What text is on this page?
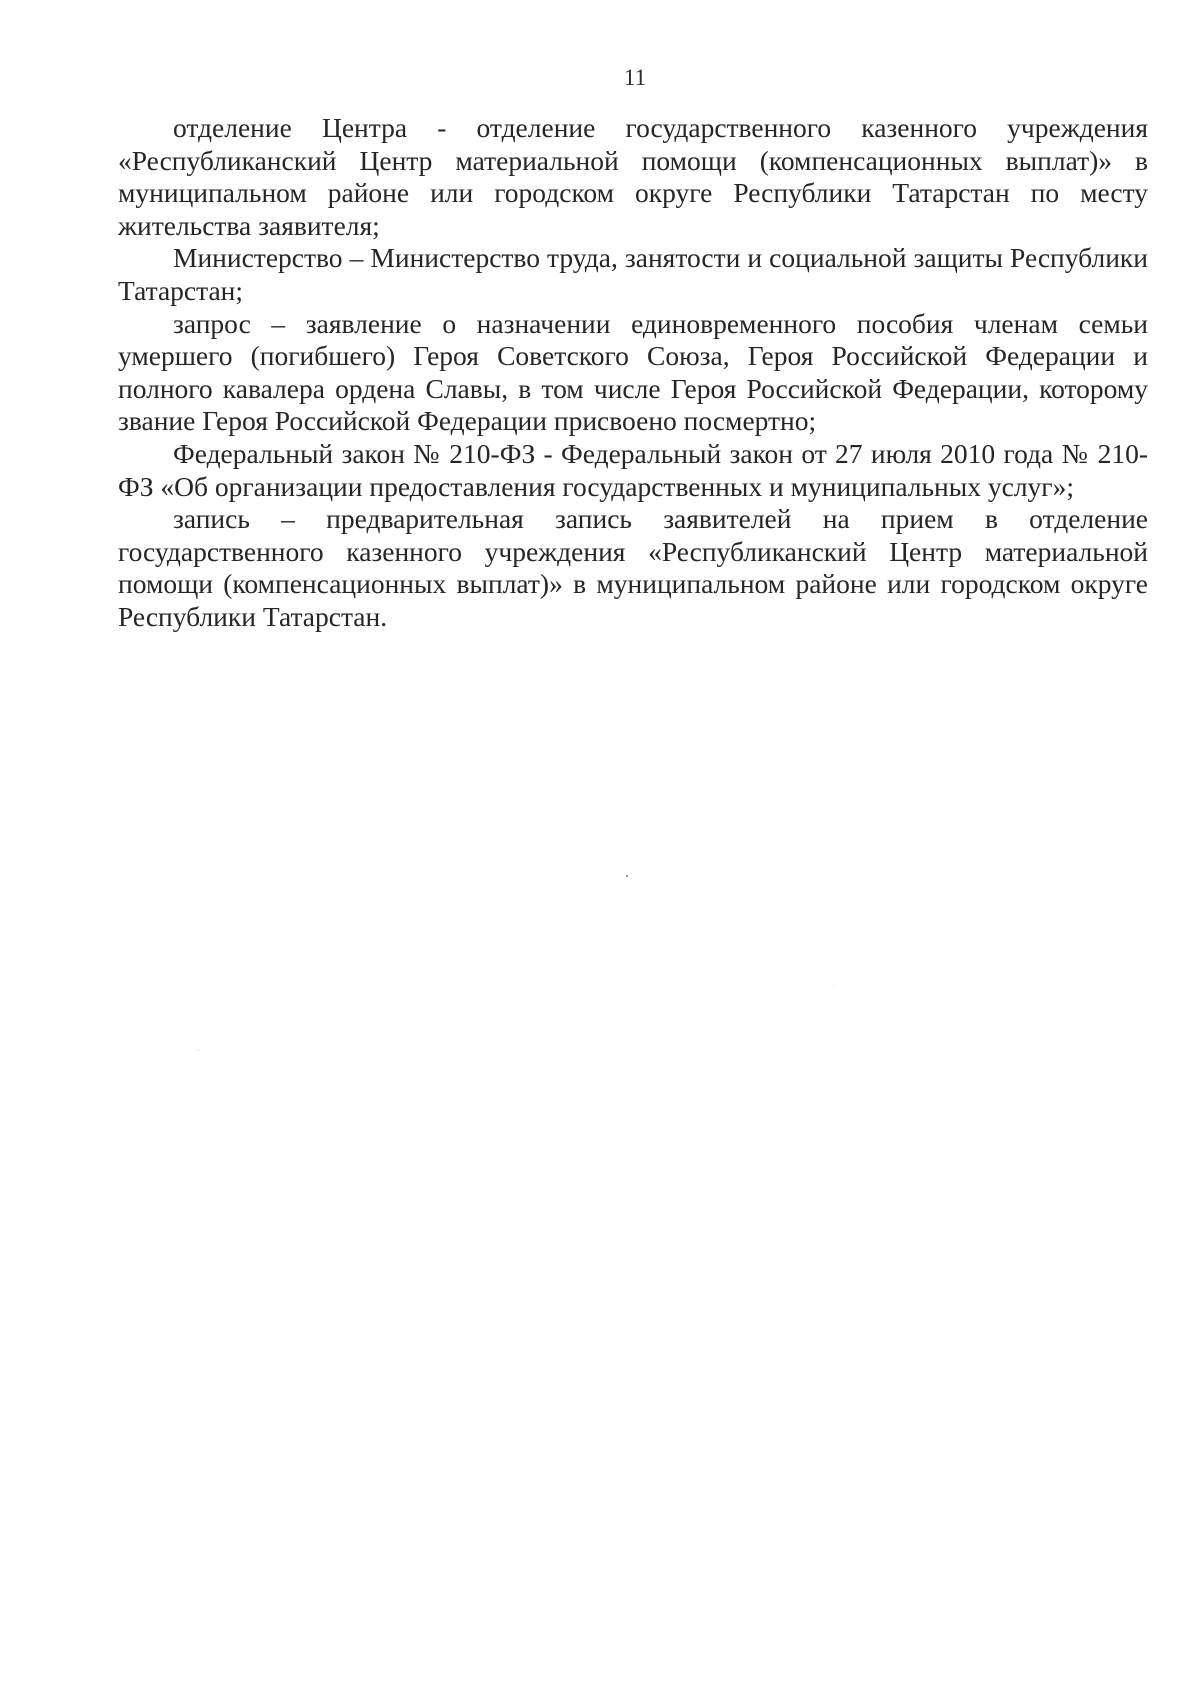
11

отделение Центра - отделение государственного казенного учреждения «Республиканский Центр материальной помощи (компенсационных выплат)» в муниципальном районе или городском округе Республики Татарстан по месту жительства заявителя;

Министерство – Министерство труда, занятости и социальной защиты Республики Татарстан;

запрос – заявление о назначении единовременного пособия членам семьи умершего (погибшего) Героя Советского Союза, Героя Российской Федерации и полного кавалера ордена Славы, в том числе Героя Российской Федерации, которому звание Героя Российской Федерации присвоено посмертно;

Федеральный закон № 210-ФЗ - Федеральный закон от 27 июля 2010 года № 210-ФЗ «Об организации предоставления государственных и муниципальных услуг»;

запись – предварительная запись заявителей на прием в отделение государственного казенного учреждения «Республиканский Центр материальной помощи (компенсационных выплат)» в муниципальном районе или городском округе Республики Татарстан.
